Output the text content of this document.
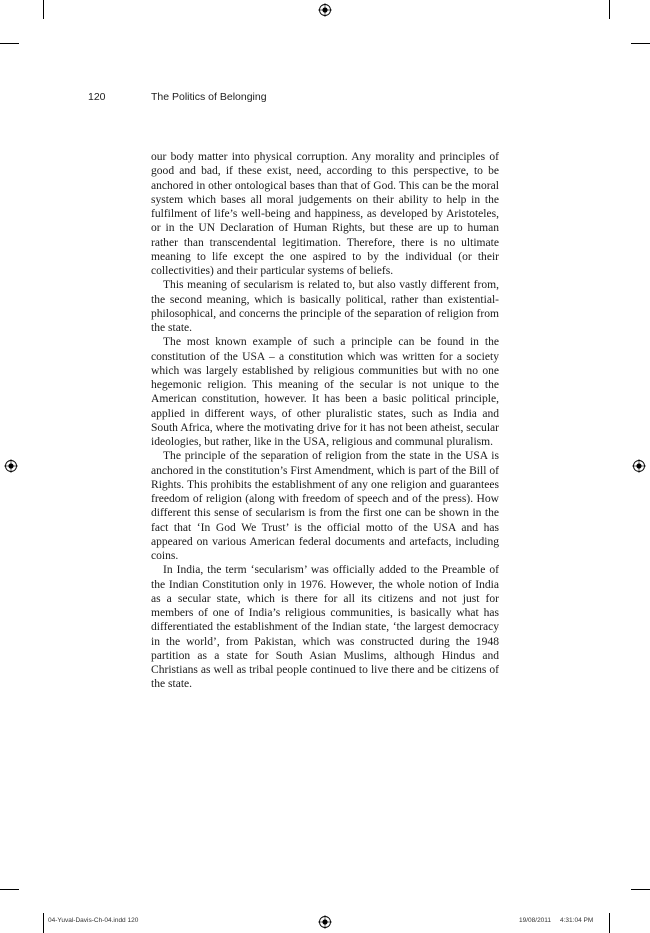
120	The Politics of Belonging

our body matter into physical corruption. Any morality and principles of good and bad, if these exist, need, according to this perspective, to be anchored in other ontological bases than that of God. This can be the moral system which bases all moral judgements on their ability to help in the fulfilment of life’s well-being and happiness, as developed by Aristoteles, or in the UN Declaration of Human Rights, but these are up to human rather than transcendental legitimation. Therefore, there is no ultimate meaning to life except the one aspired to by the individual (or their collectivities) and their particular systems of beliefs.

This meaning of secularism is related to, but also vastly different from, the second meaning, which is basically political, rather than existential-philosophical, and concerns the principle of the separation of religion from the state.

The most known example of such a principle can be found in the constitution of the USA – a constitution which was written for a society which was largely established by religious communities but with no one hegemonic religion. This meaning of the secular is not unique to the American constitution, however. It has been a basic political principle, applied in different ways, of other pluralistic states, such as India and South Africa, where the motivating drive for it has not been atheist, secular ideologies, but rather, like in the USA, religious and communal pluralism.

The principle of the separation of religion from the state in the USA is anchored in the constitution’s First Amendment, which is part of the Bill of Rights. This prohibits the establishment of any one religion and guarantees freedom of religion (along with freedom of speech and of the press). How different this sense of secularism is from the first one can be shown in the fact that ‘In God We Trust’ is the official motto of the USA and has appeared on various American federal documents and artefacts, including coins.

In India, the term ‘secularism’ was officially added to the Preamble of the Indian Constitution only in 1976. However, the whole notion of India as a secular state, which is there for all its citizens and not just for members of one of India’s religious communities, is basically what has differentiated the establishment of the Indian state, ‘the largest democracy in the world’, from Pakistan, which was constructed during the 1948 partition as a state for South Asian Muslims, although Hindus and Christians as well as tribal people continued to live there and be citizens of the state.

04-Yuval-Davis-Ch-04.indd 120	19/08/2011 4:31:04 PM
